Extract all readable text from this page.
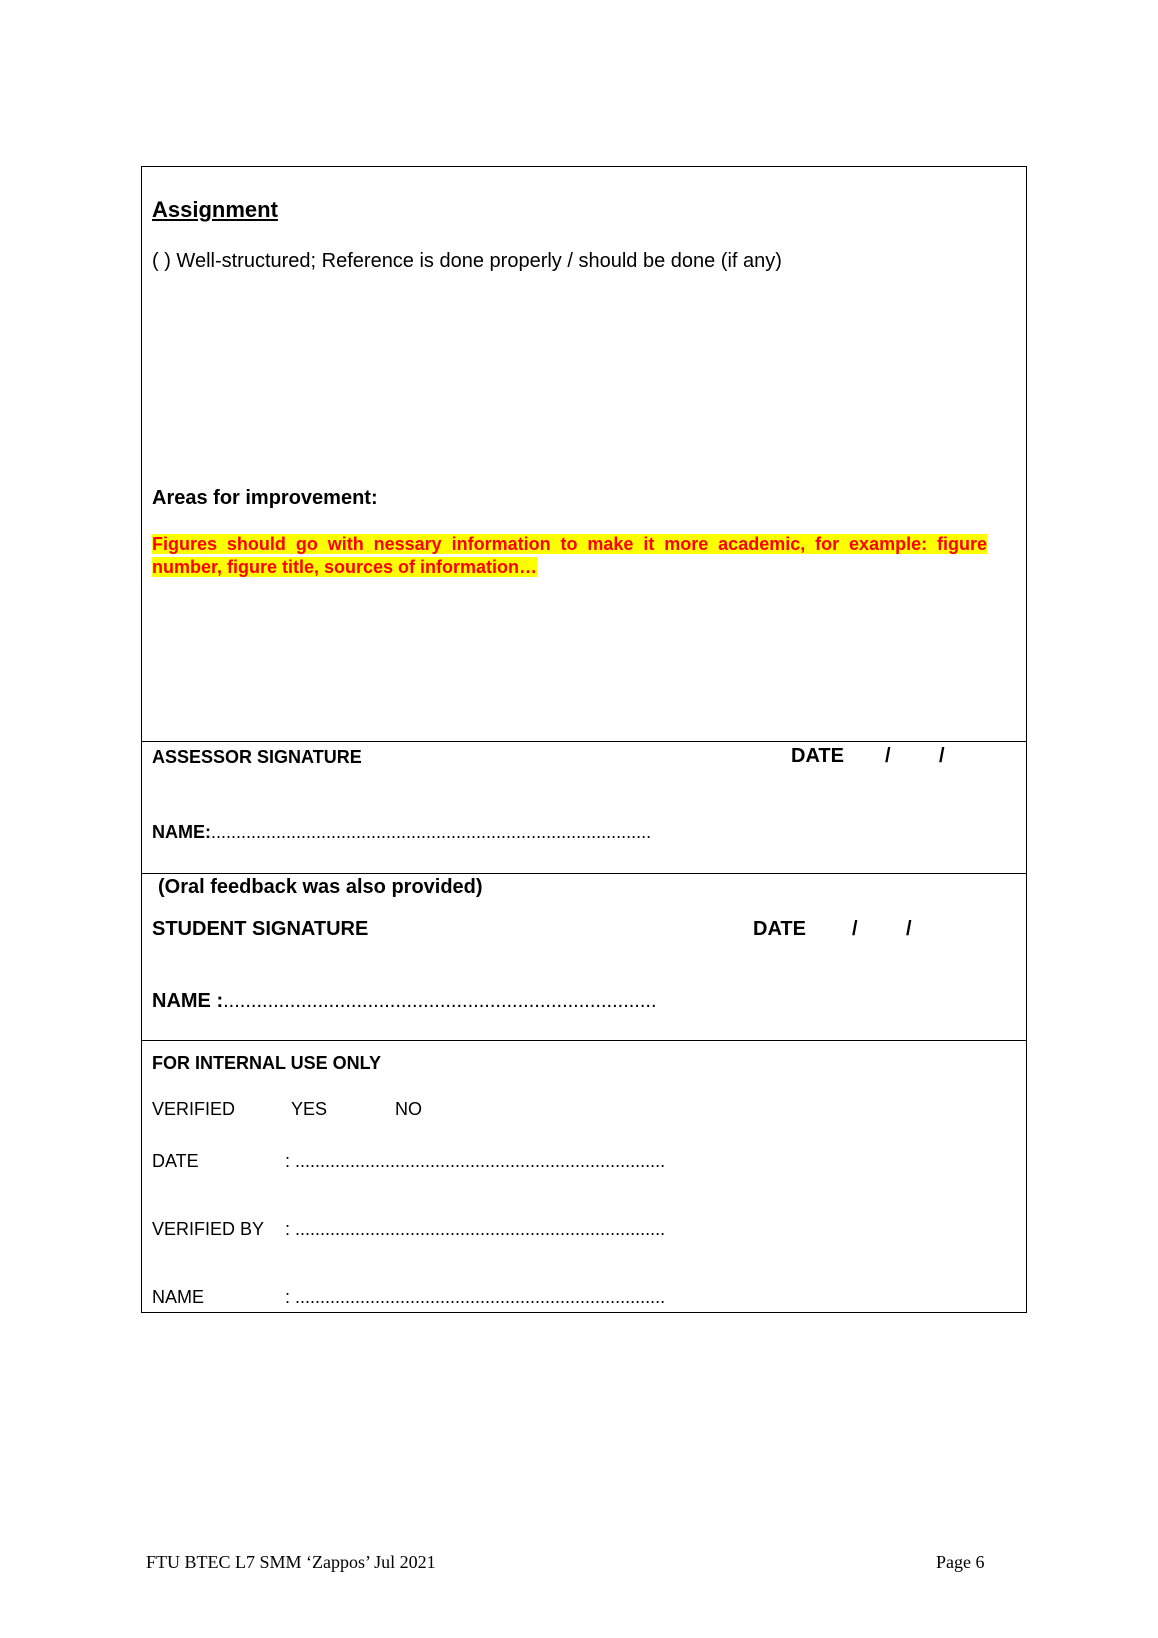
Assignment
( ) Well-structured; Reference is done properly / should be done (if any)
Areas for improvement:
Figures should go with nessary information to make it more academic, for example: figure number, figure title, sources of information…
ASSESSOR SIGNATURE	DATE / /
NAME:........................................................................................
(Oral feedback was also provided)
STUDENT SIGNATURE	DATE / /
NAME :..............................................................................
FOR INTERNAL USE ONLY
VERIFIED	YES	NO
DATE	: ..........................................................................
VERIFIED BY : ..........................................................................
NAME	: ..........................................................................
FTU BTEC L7 SMM ‘Zappos’ Jul 2021	Page 6
